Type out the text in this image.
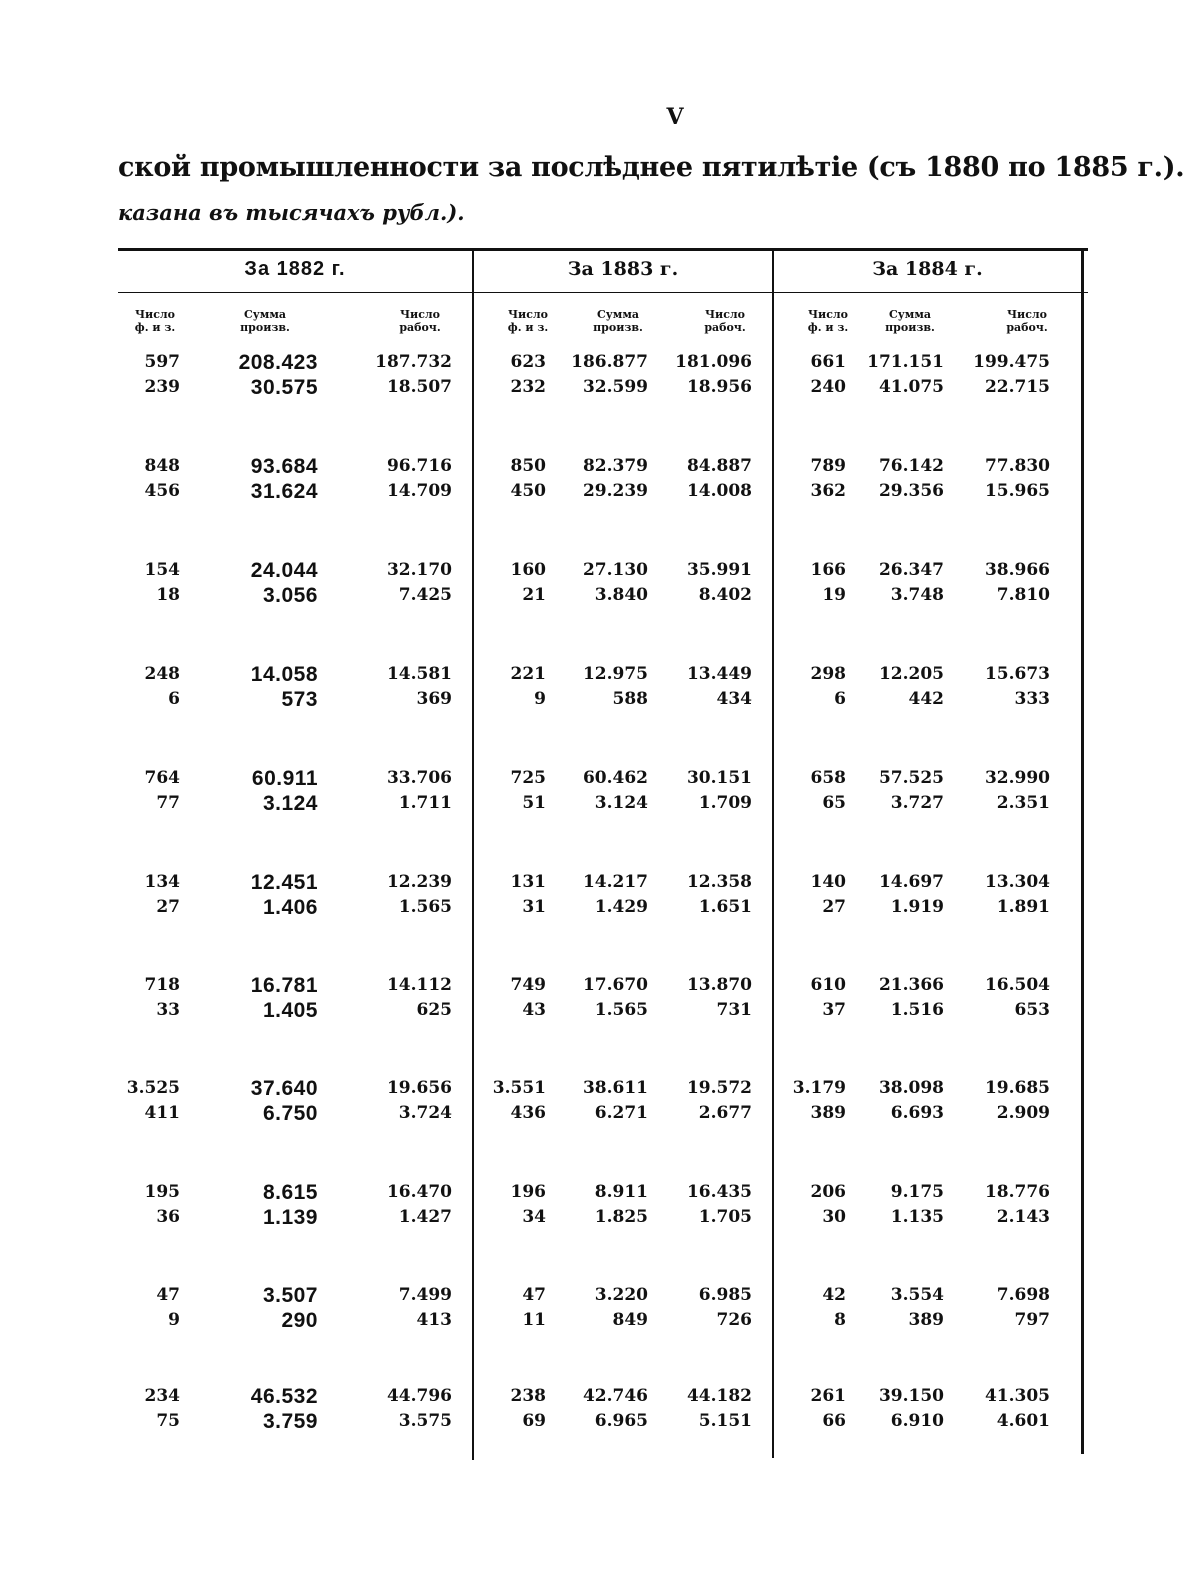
V
ской промышленности за послѣднее пятилѣтіе (съ 1880 по 1885 г.).
казана въ тысячахъ рубл.).
За 1882 г.	За 1883 г.	За 1884 г.
Число
ф. и з.
Сумма
произв.
Число
рабоч.
Число
ф. и з.
Сумма
произв.
Число
рабоч.
Число
ф. и з.
Сумма
произв.
Число
рабоч.
597
239
208.423
30.575
187.732
18.507
623
232
186.877
32.599
181.096
18.956
661
240
171.151
41.075
199.475
22.715
848
456
93.684
31.624
96.716
14.709
850
450
82.379
29.239
84.887
14.008
789
362
76.142
29.356
77.830
15.965
154
18
24.044
3.056
32.170
7.425
160
21
27.130
3.840
35.991
8.402
166
19
26.347
3.748
38.966
7.810
248
6
14.058
573
14.581
369
221
9
12.975
588
13.449
434
298
6
12.205
442
15.673
333
764
77
60.911
3.124
33.706
1.711
725
51
60.462
3.124
30.151
1.709
658
65
57.525
3.727
32.990
2.351
134
27
12.451
1.406
12.239
1.565
131
31
14.217
1.429
12.358
1.651
140
27
14.697
1.919
13.304
1.891
718
33
16.781
1.405
14.112
625
749
43
17.670
1.565
13.870
731
610
37
21.366
1.516
16.504
653
3.525
411
37.640
6.750
19.656
3.724
3.551
436
38.611
6.271
19.572
2.677
3.179
389
38.098
6.693
19.685
2.909
195
36
8.615
1.139
16.470
1.427
196
34
8.911
1.825
16.435
1.705
206
30
9.175
1.135
18.776
2.143
47
9
3.507
290
7.499
413
47
11
3.220
849
6.985
726
42
8
3.554
389
7.698
797
234
75
46.532
3.759
44.796
3.575
238
69
42.746
6.965
44.182
5.151
261
66
39.150
6.910
41.305
4.601
